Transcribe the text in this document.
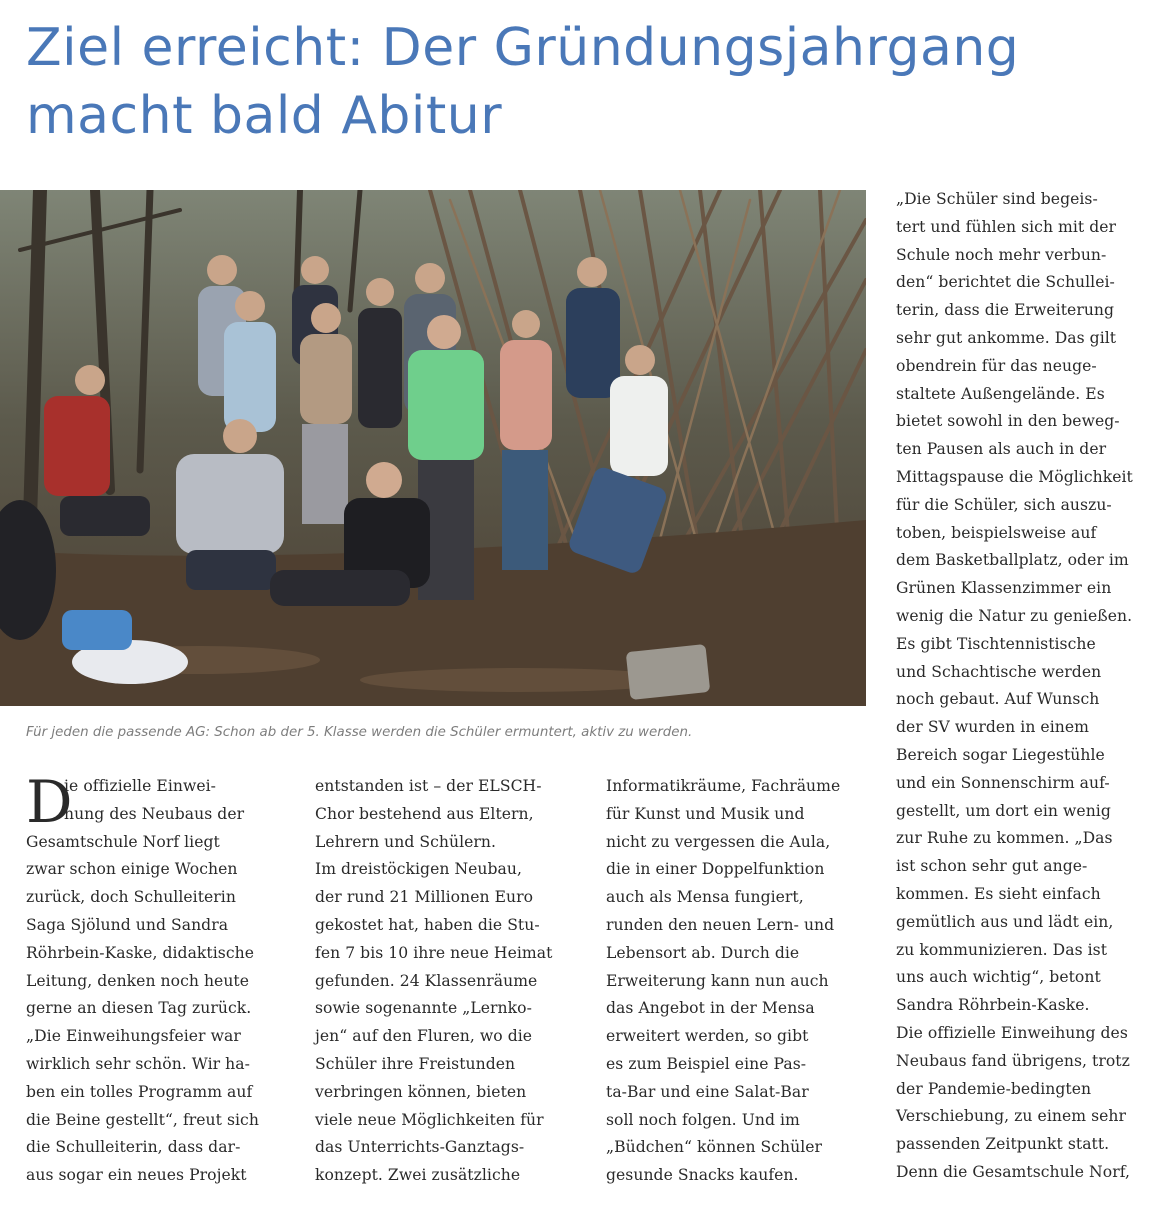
Ziel erreicht: Der Gründungsjahrgang
macht bald Abitur

Für jeden die passende AG: Schon ab der 5. Klasse werden die Schüler ermuntert, aktiv zu werden.

D
ie offizielle Einwei-
hung des Neubaus der
Gesamtschule Norf liegt
zwar schon einige Wochen
zurück, doch Schulleiterin
Saga Sjölund und Sandra
Röhrbein-Kaske, didaktische
Leitung, denken noch heute
gerne an diesen Tag zurück.
„Die Einweihungsfeier war
wirklich sehr schön. Wir ha-
ben ein tolles Programm auf
die Beine gestellt“, freut sich
die Schulleiterin, dass dar-
aus sogar ein neues Projekt
entstanden ist – der ELSCH-
Chor bestehend aus Eltern,
Lehrern und Schülern.
Im dreistöckigen Neubau,
der rund 21 Millionen Euro
gekostet hat, haben die Stu-
fen 7 bis 10 ihre neue Heimat
gefunden. 24 Klassenräume
sowie sogenannte „Lernko-
jen“ auf den Fluren, wo die
Schüler ihre Freistunden
verbringen können, bieten
viele neue Möglichkeiten für
das Unterrichts-Ganztags-
konzept. Zwei zusätzliche
Informatikräume, Fachräume
für Kunst und Musik und
nicht zu vergessen die Aula,
die in einer Doppelfunktion
auch als Mensa fungiert,
runden den neuen Lern- und
Lebensort ab. Durch die
Erweiterung kann nun auch
das Angebot in der Mensa
erweitert werden, so gibt
es zum Beispiel eine Pas-
ta-Bar und eine Salat-Bar
soll noch folgen. Und im
„Büdchen“ können Schüler
gesunde Snacks kaufen.
„Die Schüler sind begeis-
tert und fühlen sich mit der
Schule noch mehr verbun-
den“ berichtet die Schullei-
terin, dass die Erweiterung
sehr gut ankomme. Das gilt
obendrein für das neuge-
staltete Außengelände. Es
bietet sowohl in den beweg-
ten Pausen als auch in der
Mittagspause die Möglichkeit
für die Schüler, sich auszu-
toben, beispielsweise auf
dem Basketballplatz, oder im
Grünen Klassenzimmer ein
wenig die Natur zu genießen.
Es gibt Tischtennistische
und Schachtische werden
noch gebaut. Auf Wunsch
der SV wurden in einem
Bereich sogar Liegestühle
und ein Sonnenschirm auf-
gestellt, um dort ein wenig
zur Ruhe zu kommen. „Das
ist schon sehr gut ange-
kommen. Es sieht einfach
gemütlich aus und lädt ein,
zu kommunizieren. Das ist
uns auch wichtig“, betont
Sandra Röhrbein-Kaske.
Die offizielle Einweihung des
Neubaus fand übrigens, trotz
der Pandemie-bedingten
Verschiebung, zu einem sehr
passenden Zeitpunkt statt.
Denn die Gesamtschule Norf,
